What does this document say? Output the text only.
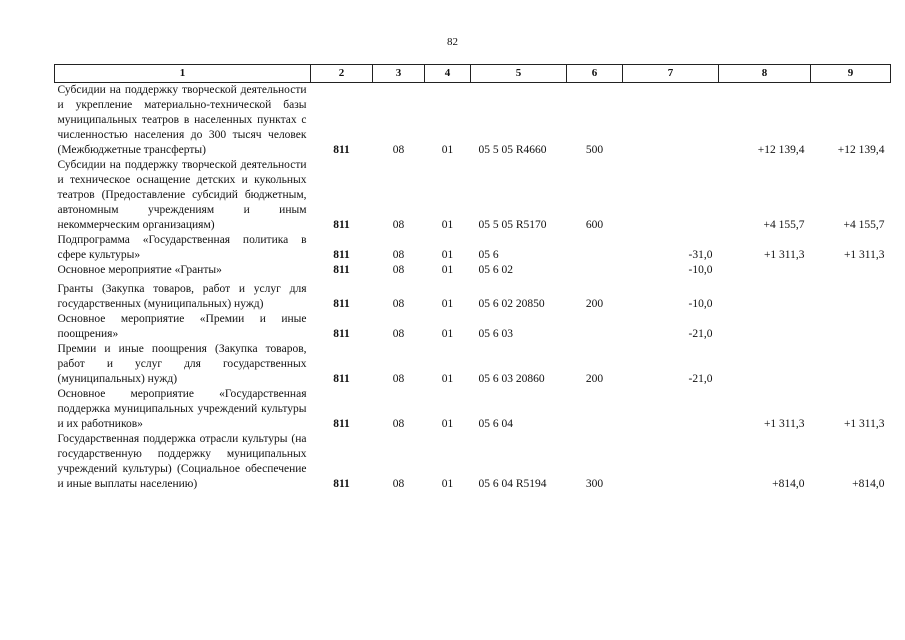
82
1	2	3	4	5	6	7	8	9
Субсидии на поддержку творческой деятельности и укрепление материально-технической базы муниципальных театров в населенных пунктах с численностью населения до 300 тысяч человек (Межбюджетные трансферты)	811	08	01	05 5 05 R4660	500		+12 139,4	+12 139,4
Субсидии на поддержку творческой деятельности и техническое оснащение детских и кукольных театров (Предоставление субсидий бюджетным, автономным учреждениям и иным некоммерческим организациям)	811	08	01	05 5 05 R5170	600		+4 155,7	+4 155,7
Подпрограмма «Государственная политика в сфере культуры»	811	08	01	05 6		-31,0	+1 311,3	+1 311,3
Основное мероприятие «Гранты»	811	08	01	05 6 02		-10,0		

Гранты (Закупка товаров, работ и услуг для государственных (муниципальных) нужд)	811	08	01	05 6 02 20850	200	-10,0		
Основное мероприятие «Премии и иные поощрения»	811	08	01	05 6 03		-21,0		
Премии и иные поощрения (Закупка товаров, работ и услуг для государственных (муниципальных) нужд)	811	08	01	05 6 03 20860	200	-21,0		
Основное мероприятие «Государственная поддержка муниципальных учреждений культуры и их работников»	811	08	01	05 6 04			+1 311,3	+1 311,3
Государственная поддержка отрасли культуры (на государственную поддержку муниципальных учреждений культуры) (Социальное обеспечение и иные выплаты населению)	811	08	01	05 6 04 R5194	300		+814,0	+814,0
